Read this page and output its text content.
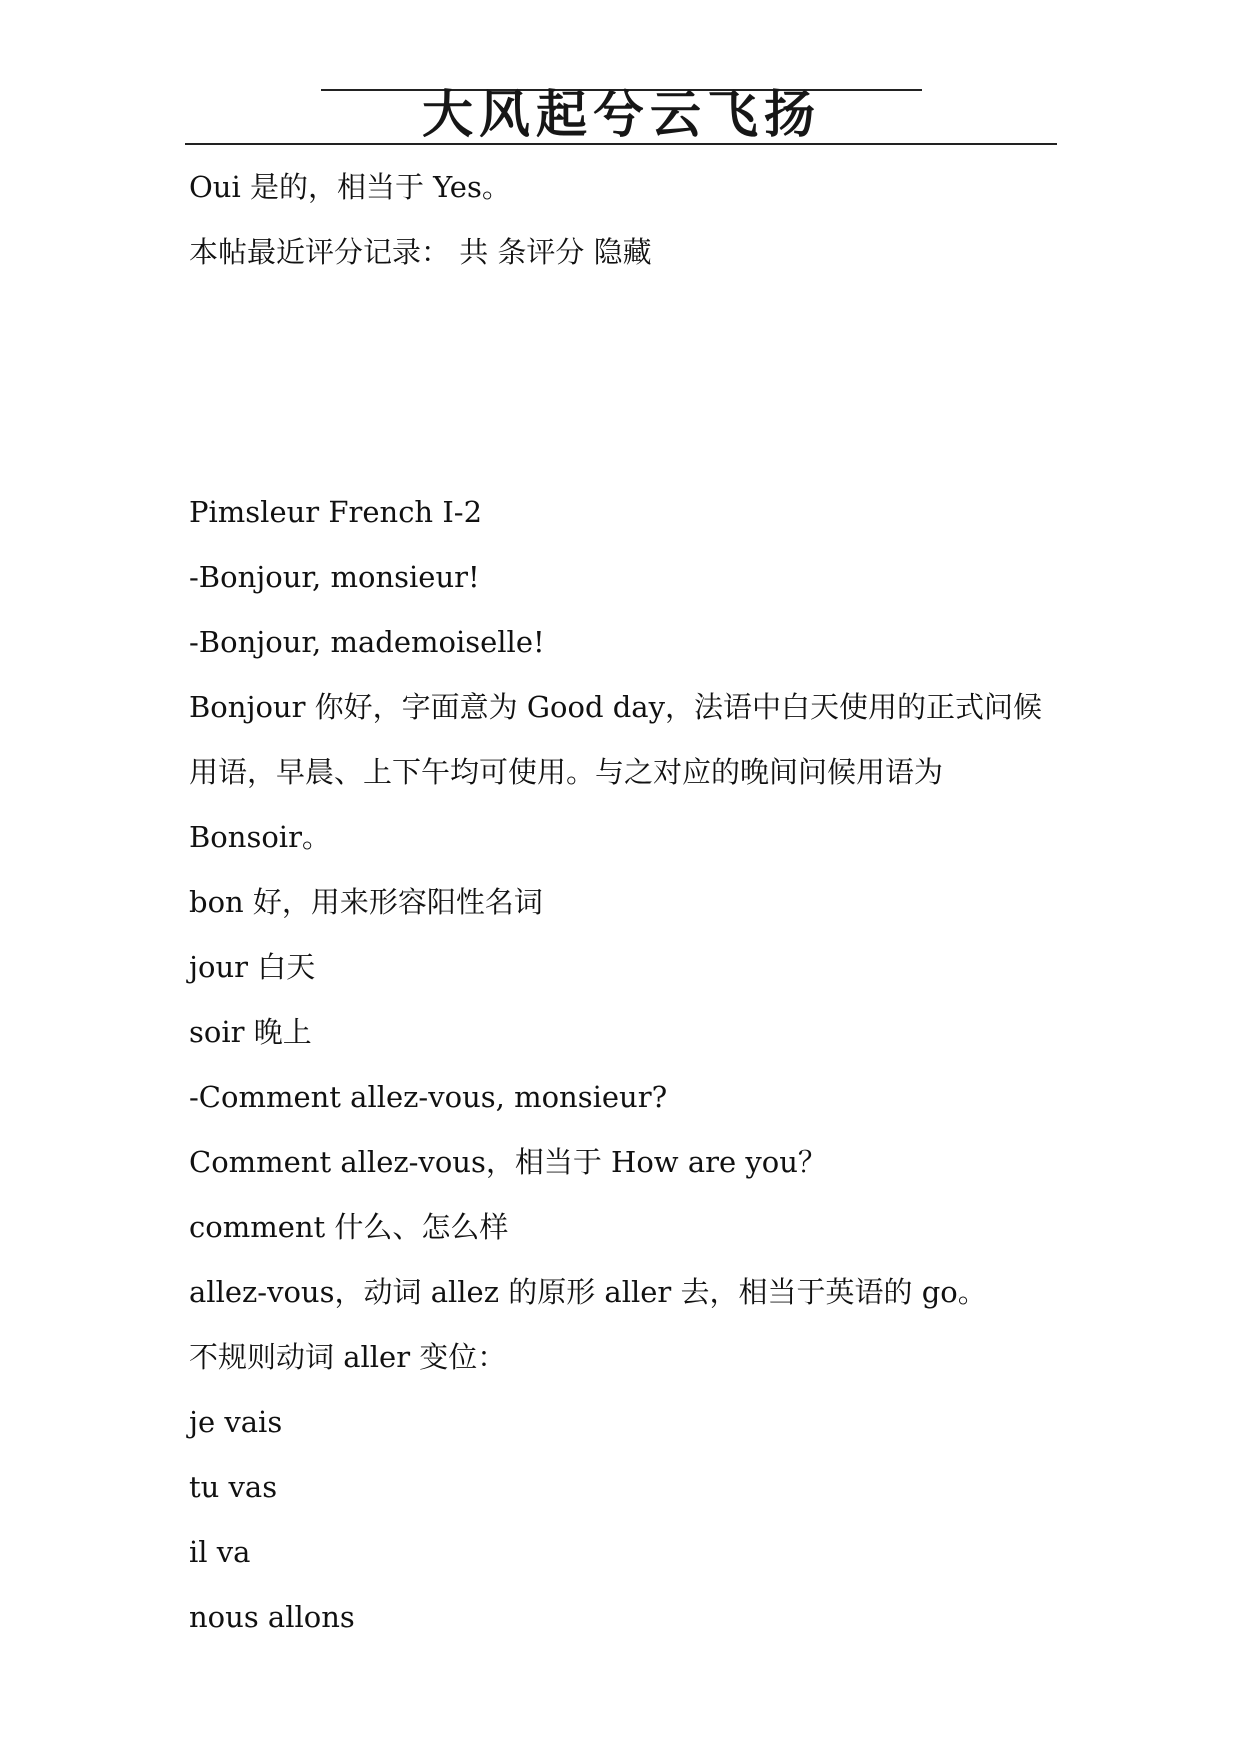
大风起兮云飞扬

Oui 是的，相当于 Yes。

本帖最近评分记录： 共 条评分 隐藏

Pimsleur French I-2

-Bonjour, monsieur!

-Bonjour, mademoiselle!

Bonjour 你好，字面意为 Good day，法语中白天使用的正式问候用语，早晨、上下午均可使用。与之对应的晚间问候用语为 Bonsoir。

bon 好，用来形容阳性名词

jour 白天

soir 晚上

-Comment allez-vous, monsieur?

Comment allez-vous，相当于 How are you？

comment 什么、怎么样

allez-vous，动词 allez 的原形 aller 去，相当于英语的 go。

不规则动词 aller 变位：

je vais

tu vas

il va

nous allons
